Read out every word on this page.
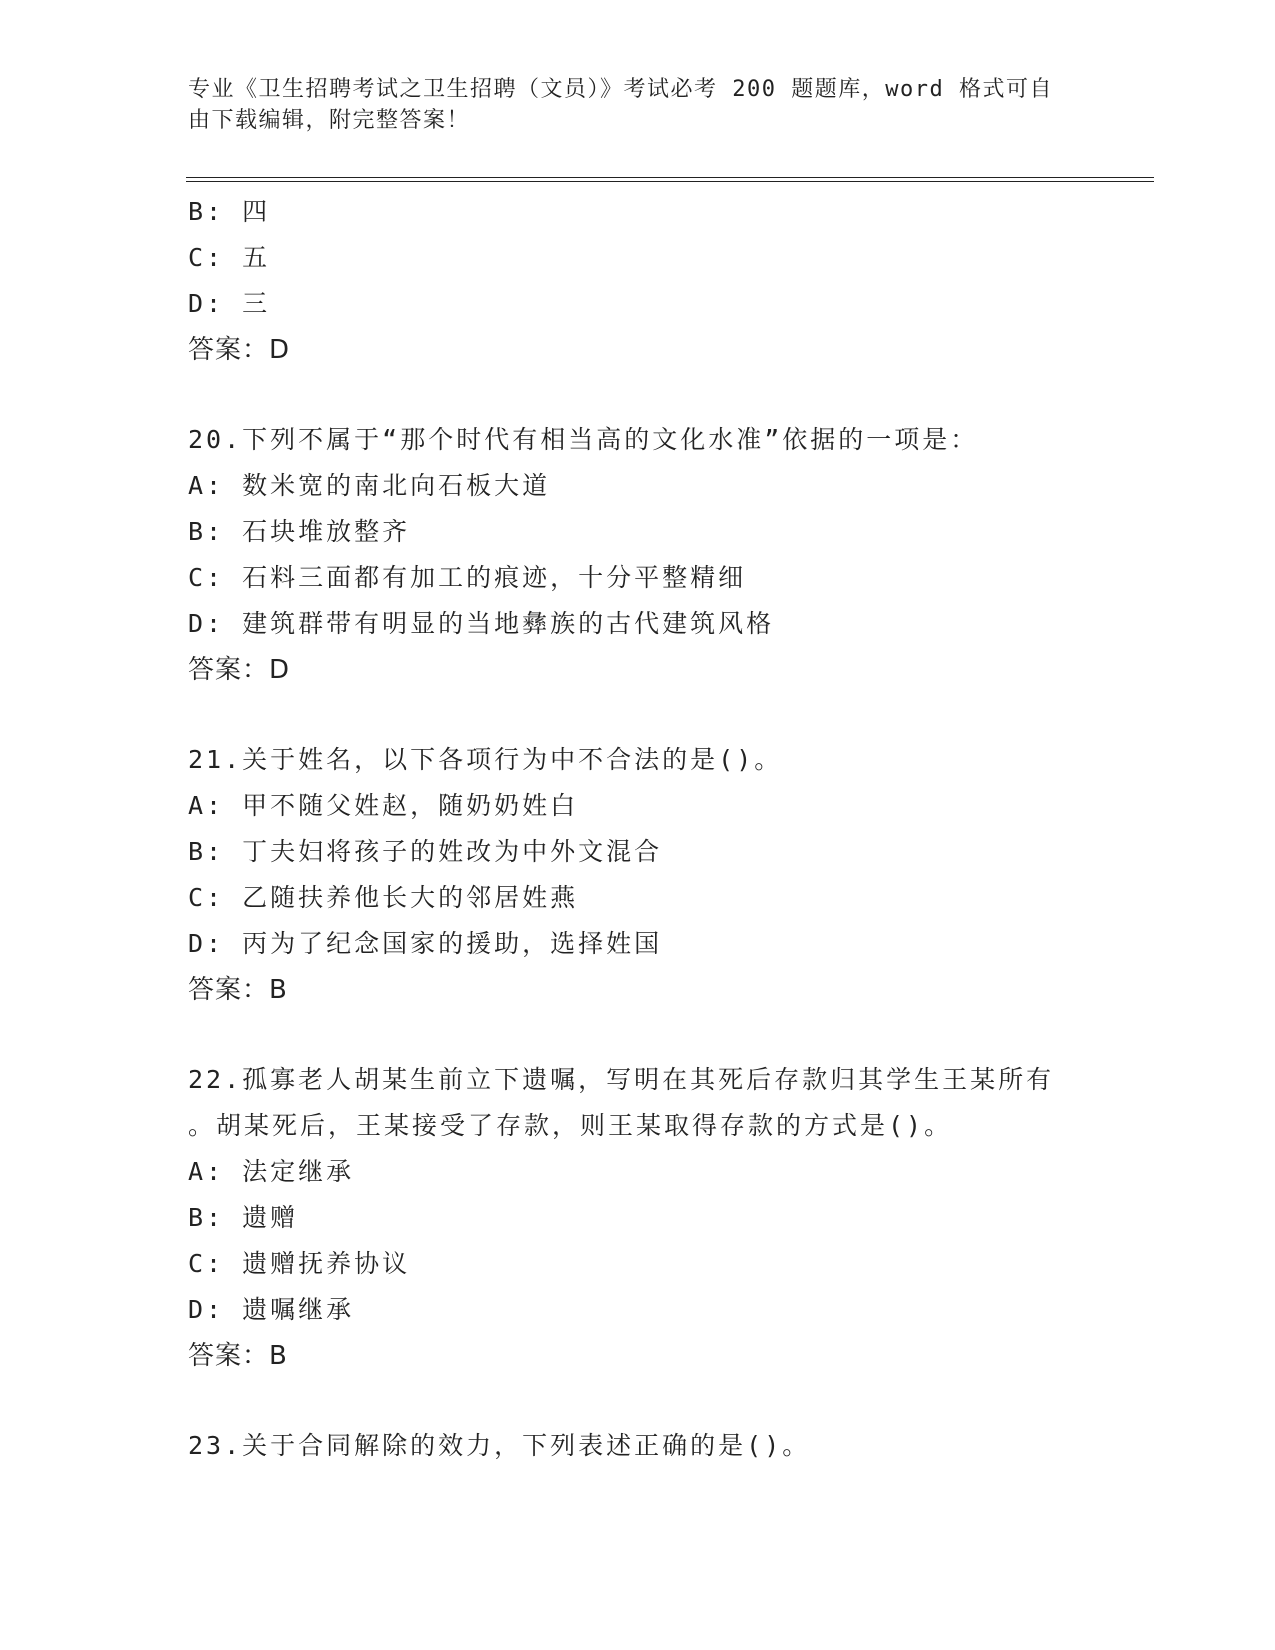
专业《卫生招聘考试之卫生招聘（文员）》考试必考 200 题题库，word 格式可自
由下载编辑，附完整答案！
B: 四
C: 五
D: 三
答案：D
20.下列不属于“那个时代有相当高的文化水准”依据的一项是：
A: 数米宽的南北向石板大道
B: 石块堆放整齐
C: 石料三面都有加工的痕迹，十分平整精细
D: 建筑群带有明显的当地彝族的古代建筑风格
答案：D
21.关于姓名，以下各项行为中不合法的是()。
A: 甲不随父姓赵，随奶奶姓白
B: 丁夫妇将孩子的姓改为中外文混合
C: 乙随扶养他长大的邻居姓燕
D: 丙为了纪念国家的援助，选择姓国
答案：B
22.孤寡老人胡某生前立下遗嘱，写明在其死后存款归其学生王某所有
。胡某死后，王某接受了存款，则王某取得存款的方式是()。
A: 法定继承
B: 遗赠
C: 遗赠抚养协议
D: 遗嘱继承
答案：B
23.关于合同解除的效力，下列表述正确的是()。
